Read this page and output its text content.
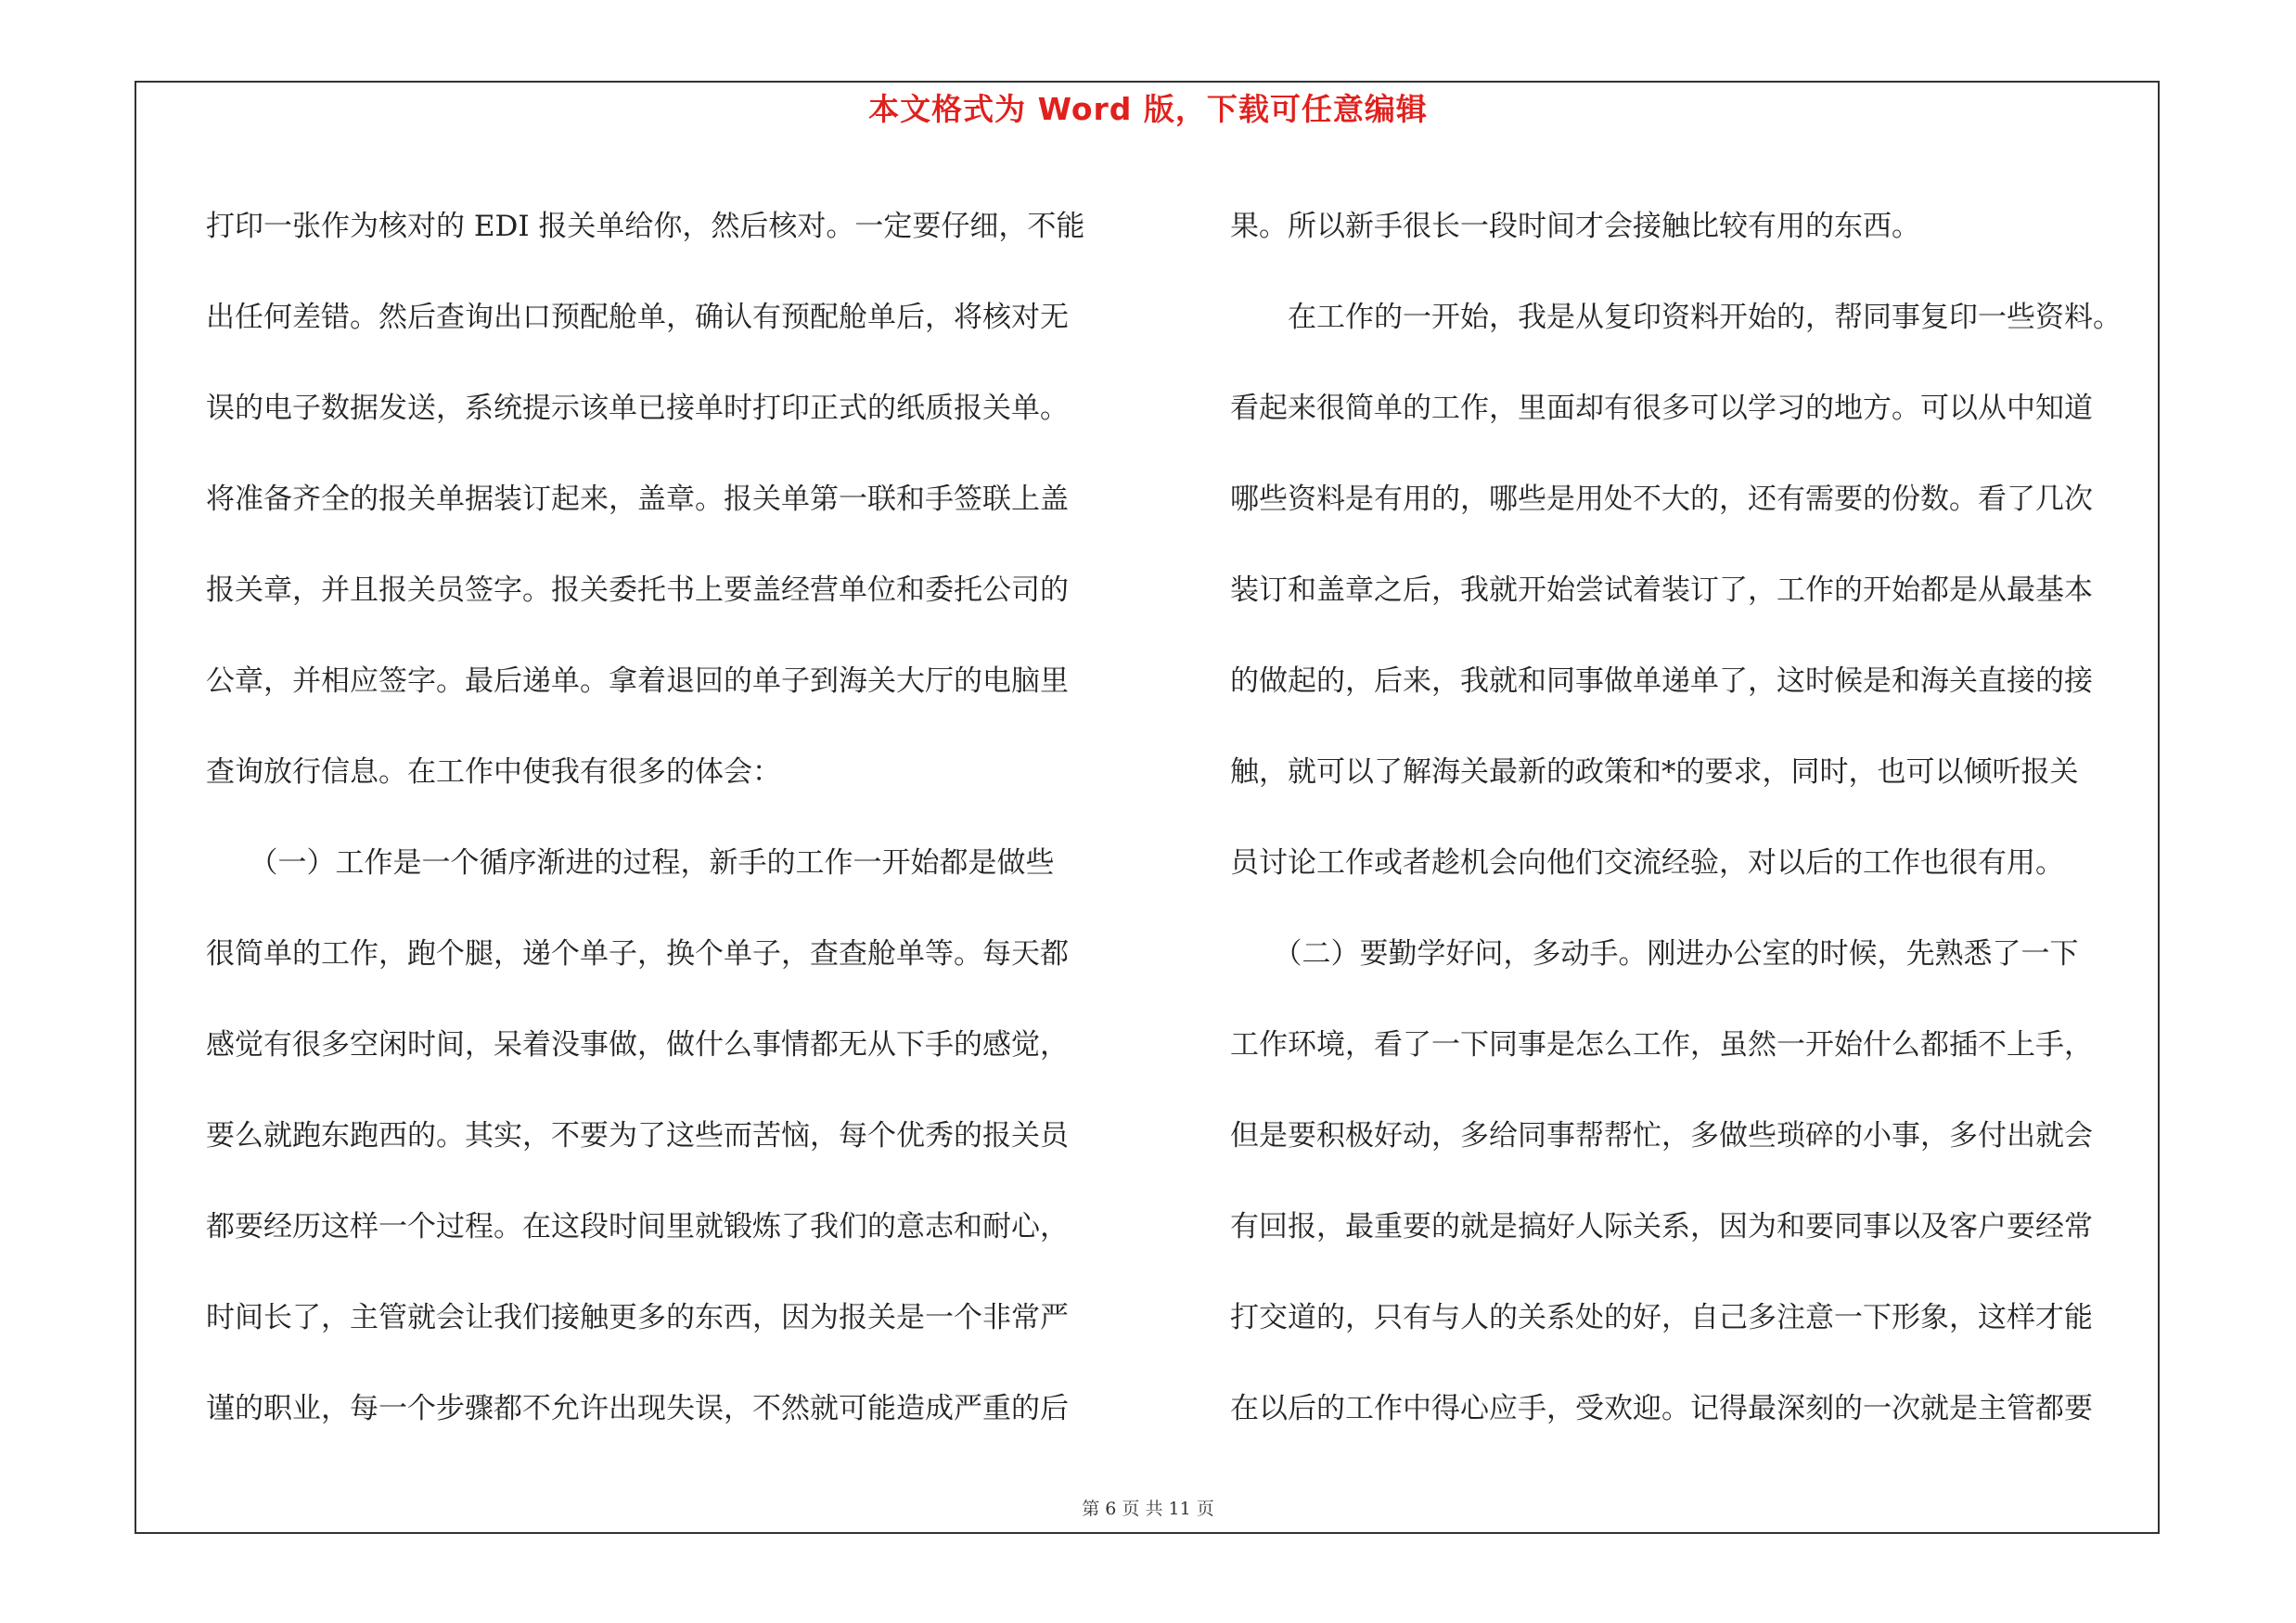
本文格式为 Word 版，下载可任意编辑
打印一张作为核对的 EDI 报关单给你，然后核对。一定要仔细，不能
出任何差错。然后查询出口预配舱单，确认有预配舱单后，将核对无
误的电子数据发送，系统提示该单已接单时打印正式的纸质报关单。
将准备齐全的报关单据装订起来，盖章。报关单第一联和手签联上盖
报关章，并且报关员签字。报关委托书上要盖经营单位和委托公司的
公章，并相应签字。最后递单。拿着退回的单子到海关大厅的电脑里
查询放行信息。在工作中使我有很多的体会：
　　（一）工作是一个循序渐进的过程，新手的工作一开始都是做些
很简单的工作，跑个腿，递个单子，换个单子，查查舱单等。每天都
感觉有很多空闲时间，呆着没事做，做什么事情都无从下手的感觉，
要么就跑东跑西的。其实，不要为了这些而苦恼，每个优秀的报关员
都要经历这样一个过程。在这段时间里就锻炼了我们的意志和耐心，
时间长了，主管就会让我们接触更多的东西，因为报关是一个非常严
谨的职业，每一个步骤都不允许出现失误，不然就可能造成严重的后
果。所以新手很长一段时间才会接触比较有用的东西。
　　在工作的一开始，我是从复印资料开始的，帮同事复印一些资料。
看起来很简单的工作，里面却有很多可以学习的地方。可以从中知道
哪些资料是有用的，哪些是用处不大的，还有需要的份数。看了几次
装订和盖章之后，我就开始尝试着装订了，工作的开始都是从最基本
的做起的，后来，我就和同事做单递单了，这时候是和海关直接的接
触，就可以了解海关最新的政策和*的要求，同时，也可以倾听报关
员讨论工作或者趁机会向他们交流经验，对以后的工作也很有用。
　　（二）要勤学好问，多动手。刚进办公室的时候，先熟悉了一下
工作环境，看了一下同事是怎么工作，虽然一开始什么都插不上手，
但是要积极好动，多给同事帮帮忙，多做些琐碎的小事，多付出就会
有回报，最重要的就是搞好人际关系，因为和要同事以及客户要经常
打交道的，只有与人的关系处的好，自己多注意一下形象，这样才能
在以后的工作中得心应手，受欢迎。记得最深刻的一次就是主管都要
第 6 页 共 11 页
